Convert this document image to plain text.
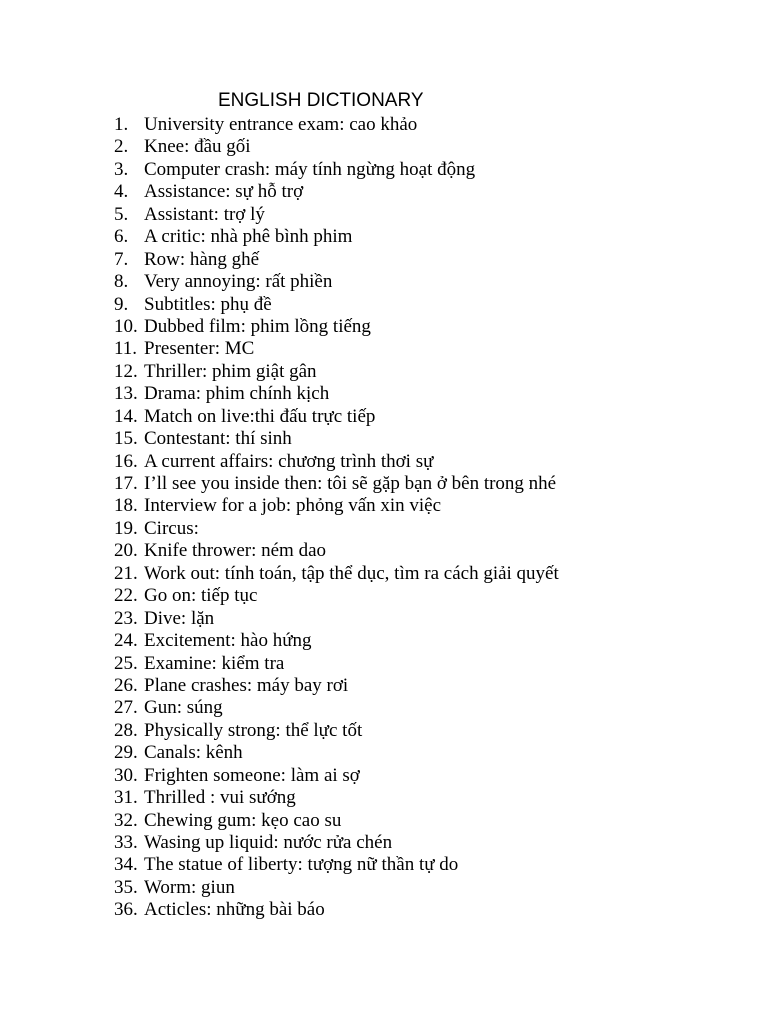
ENGLISH DICTIONARY
1. University entrance exam: cao khảo
2. Knee: đầu gối
3. Computer crash: máy tính ngừng hoạt động
4. Assistance: sự hỗ trợ
5. Assistant: trợ lý
6. A critic: nhà phê bình phim
7. Row: hàng ghế
8. Very annoying: rất phiền
9. Subtitles: phụ đề
10. Dubbed film: phim lồng tiếng
11. Presenter: MC
12. Thriller: phim giật gân
13. Drama: phim chính kịch
14. Match on live:thi đấu trực tiếp
15. Contestant: thí sinh
16. A current affairs: chương trình thơi sự
17. I’ll see you inside then: tôi sẽ gặp bạn ở bên trong nhé
18. Interview for a job: phỏng vấn xin việc
19. Circus:
20. Knife thrower: ném dao
21. Work out: tính toán, tập thể dục, tìm ra cách giải quyết
22. Go on: tiếp tục
23. Dive: lặn
24. Excitement: hào hứng
25. Examine: kiểm tra
26. Plane crashes: máy bay rơi
27. Gun: súng
28. Physically strong: thể lực tốt
29. Canals: kênh
30. Frighten someone: làm ai sợ
31. Thrilled : vui sướng
32. Chewing gum: kẹo cao su
33. Wasing up liquid: nước rửa chén
34. The statue of liberty: tượng nữ thần tự do
35. Worm: giun
36. Acticles: những bài báo
